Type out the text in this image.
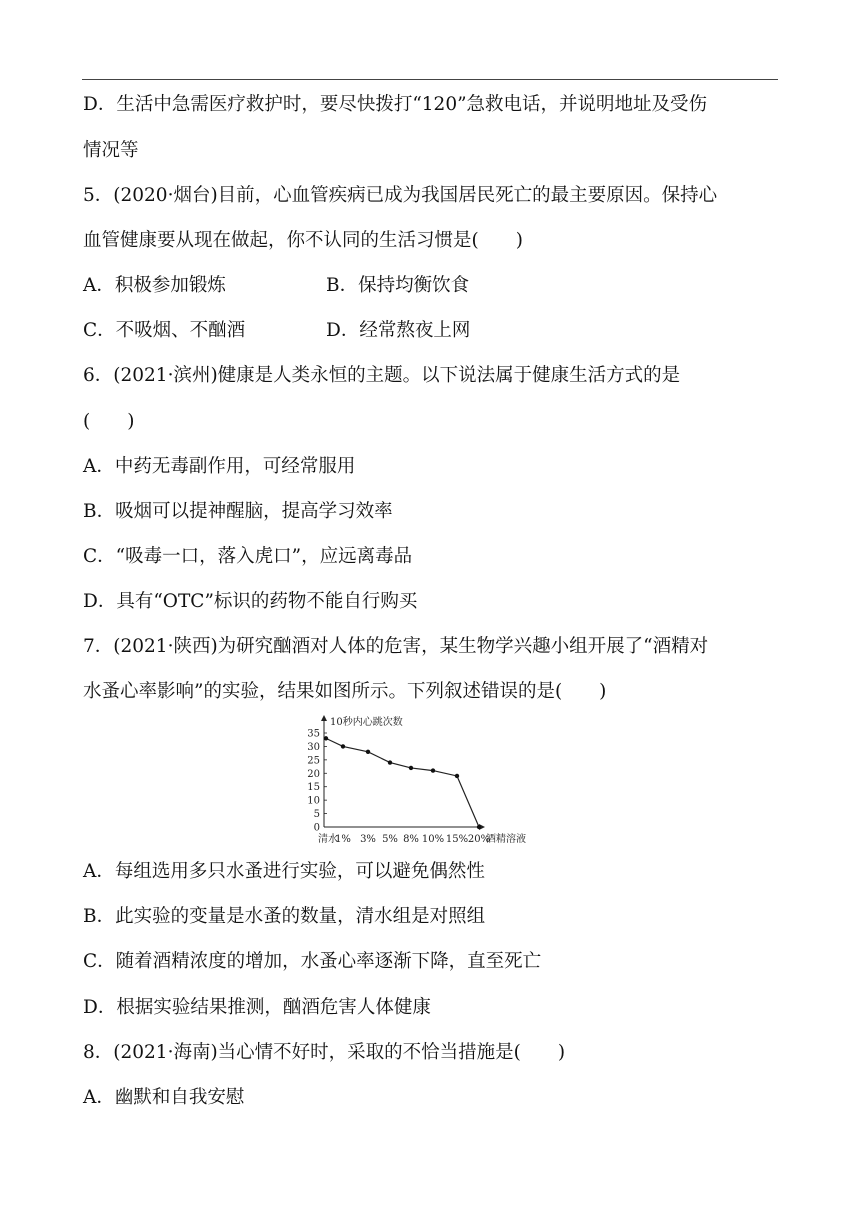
D．生活中急需医疗救护时，要尽快拨打“120”急救电话，并说明地址及受伤
情况等
5．(2020·烟台)目前，心血管疾病已成为我国居民死亡的最主要原因。保持心
血管健康要从现在做起，你不认同的生活习惯是(　　)
A．积极参加锻炼	B．保持均衡饮食
C．不吸烟、不酗酒	D．经常熬夜上网
6．(2021·滨州)健康是人类永恒的主题。以下说法属于健康生活方式的是
(　　)
A．中药无毒副作用，可经常服用
B．吸烟可以提神醒脑，提高学习效率
C．“吸毒一口，落入虎口”，应远离毒品
D．具有“OTC”标识的药物不能自行购买
7．(2021·陕西)为研究酗酒对人体的危害，某生物学兴趣小组开展了“酒精对
水蚤心率影响”的实验，结果如图所示。下列叙述错误的是(　　)
10秒内心跳次数
酒精溶液
0
5
10
15
20
25
30
35
清水
1% 3% 5% 8% 10% 15% 20%
A．每组选用多只水蚤进行实验，可以避免偶然性
B．此实验的变量是水蚤的数量，清水组是对照组
C．随着酒精浓度的增加，水蚤心率逐渐下降，直至死亡
D．根据实验结果推测，酗酒危害人体健康
8．(2021·海南)当心情不好时，采取的不恰当措施是(　　)
A．幽默和自我安慰
